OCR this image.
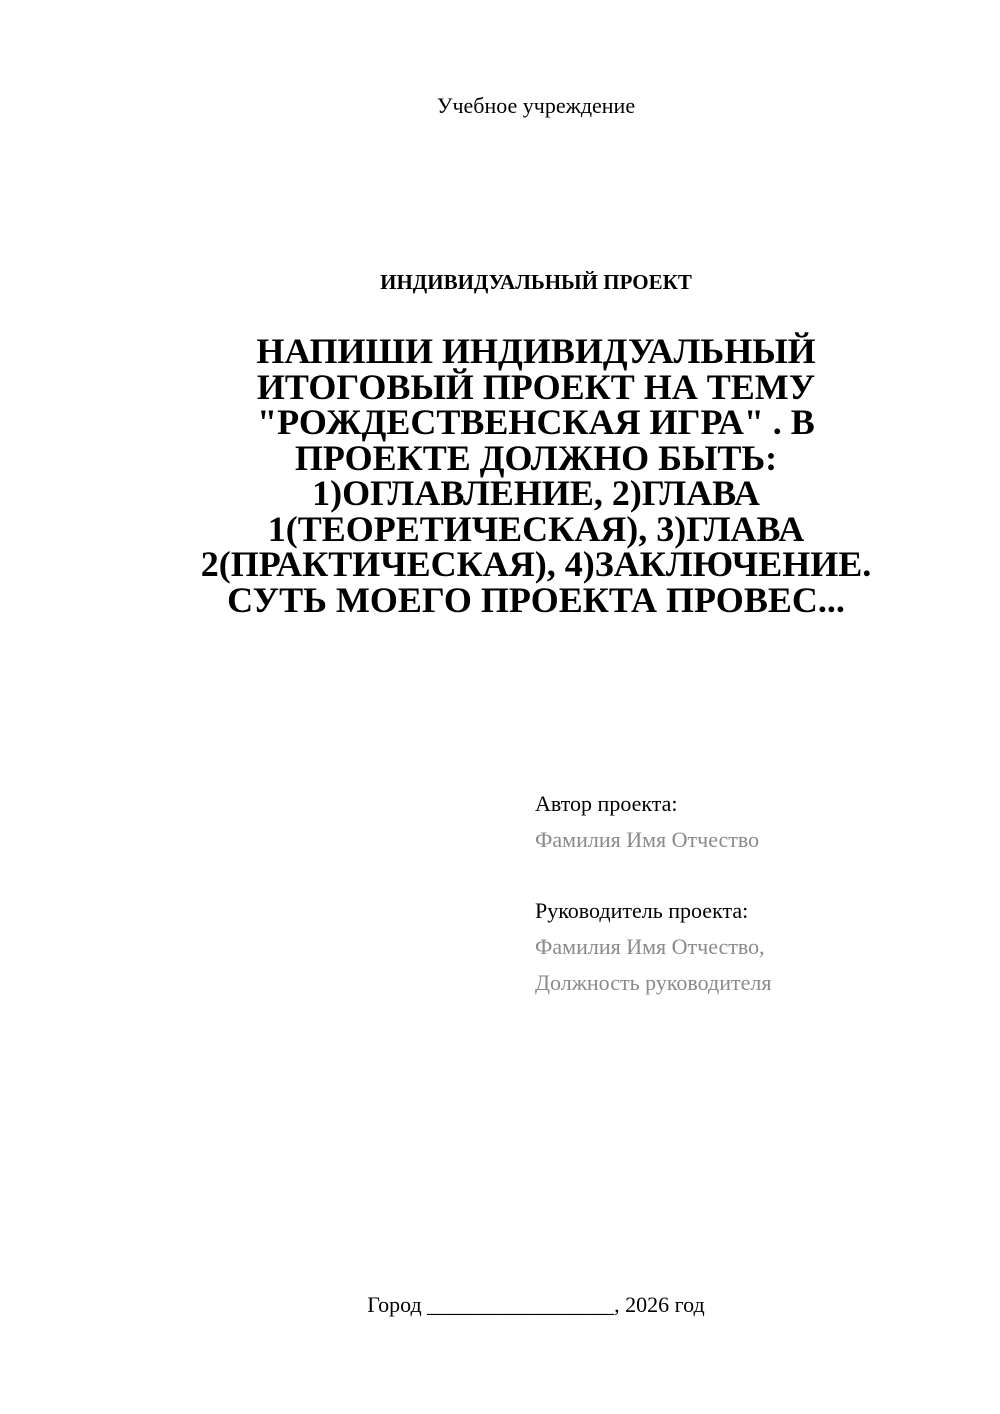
Учебное учреждение
ИНДИВИДУАЛЬНЫЙ ПРОЕКТ
НАПИШИ ИНДИВИДУАЛЬНЫЙ
ИТОГОВЫЙ ПРОЕКТ НА ТЕМУ
"РОЖДЕСТВЕНСКАЯ ИГРА" . В
ПРОЕКТЕ ДОЛЖНО БЫТЬ:
1)ОГЛАВЛЕНИЕ, 2)ГЛАВА
1(ТЕОРЕТИЧЕСКАЯ), 3)ГЛАВА
2(ПРАКТИЧЕСКАЯ), 4)ЗАКЛЮЧЕНИЕ.
СУТЬ МОЕГО ПРОЕКТА ПРОВЕС...
Автор проекта:
Фамилия Имя Отчество
Руководитель проекта:
Фамилия Имя Отчество,
Должность руководителя
Город _________________, 2026 год
